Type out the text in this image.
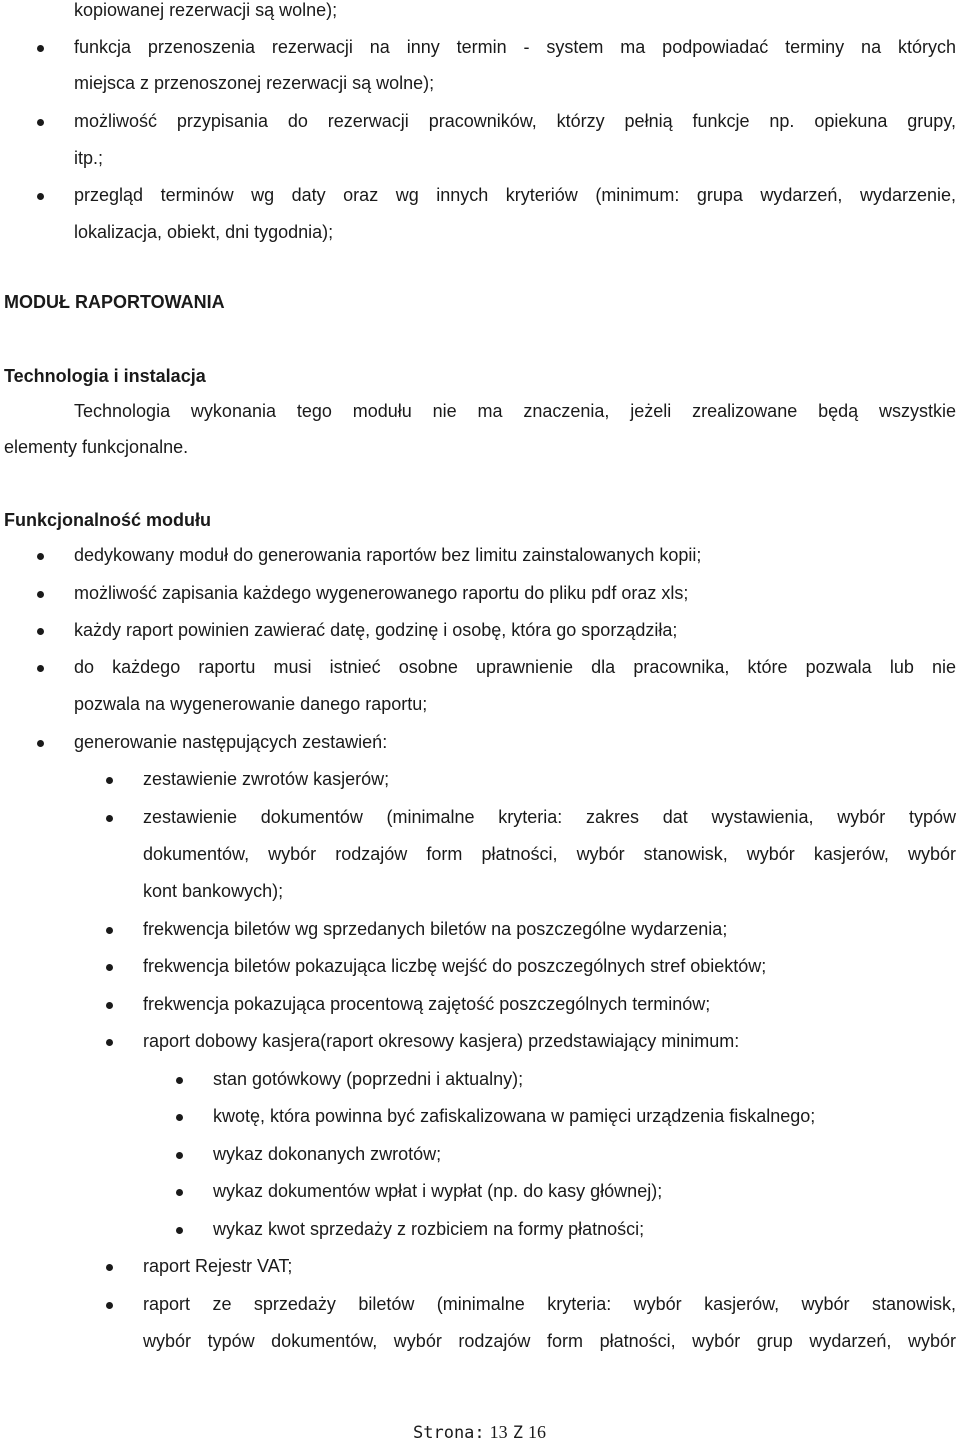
kopiowanej rezerwacji są wolne);
funkcja przenoszenia rezerwacji na inny termin - system ma podpowiadać terminy na których
miejsca z przenoszonej rezerwacji są wolne);
możliwość przypisania do rezerwacji pracowników, którzy pełnią funkcje np. opiekuna grupy,
itp.;
przegląd terminów wg daty oraz wg innych kryteriów (minimum: grupa wydarzeń, wydarzenie,
lokalizacja, obiekt, dni tygodnia);
MODUŁ RAPORTOWANIA
Technologia i instalacja
Technologia wykonania tego modułu nie ma znaczenia, jeżeli zrealizowane będą wszystkie
elementy funkcjonalne.
Funkcjonalność modułu
dedykowany moduł do generowania raportów bez limitu zainstalowanych kopii;
możliwość zapisania każdego wygenerowanego raportu do pliku pdf oraz xls;
każdy raport powinien zawierać datę, godzinę i osobę, która go sporządziła;
do każdego raportu musi istnieć osobne uprawnienie dla pracownika, które pozwala lub nie
pozwala na wygenerowanie danego raportu;
generowanie następujących zestawień:
zestawienie zwrotów kasjerów;
zestawienie dokumentów (minimalne kryteria: zakres dat wystawienia, wybór typów
dokumentów, wybór rodzajów form płatności, wybór stanowisk, wybór kasjerów, wybór
kont bankowych);
frekwencja biletów wg sprzedanych biletów na poszczególne wydarzenia;
frekwencja biletów pokazująca liczbę wejść do poszczególnych stref obiektów;
frekwencja pokazująca procentową zajętość poszczególnych terminów;
raport dobowy kasjera(raport okresowy kasjera) przedstawiający minimum:
stan gotówkowy (poprzedni i aktualny);
kwotę, która powinna być zafiskalizowana w pamięci urządzenia fiskalnego;
wykaz dokonanych zwrotów;
wykaz dokumentów wpłat i wypłat (np. do kasy głównej);
wykaz kwot sprzedaży z rozbiciem na formy płatności;
raport Rejestr VAT;
raport ze sprzedaży biletów (minimalne kryteria: wybór kasjerów, wybór stanowisk,
wybór typów dokumentów, wybór rodzajów form płatności, wybór grup wydarzeń, wybór
Strona: 13 Z 16
